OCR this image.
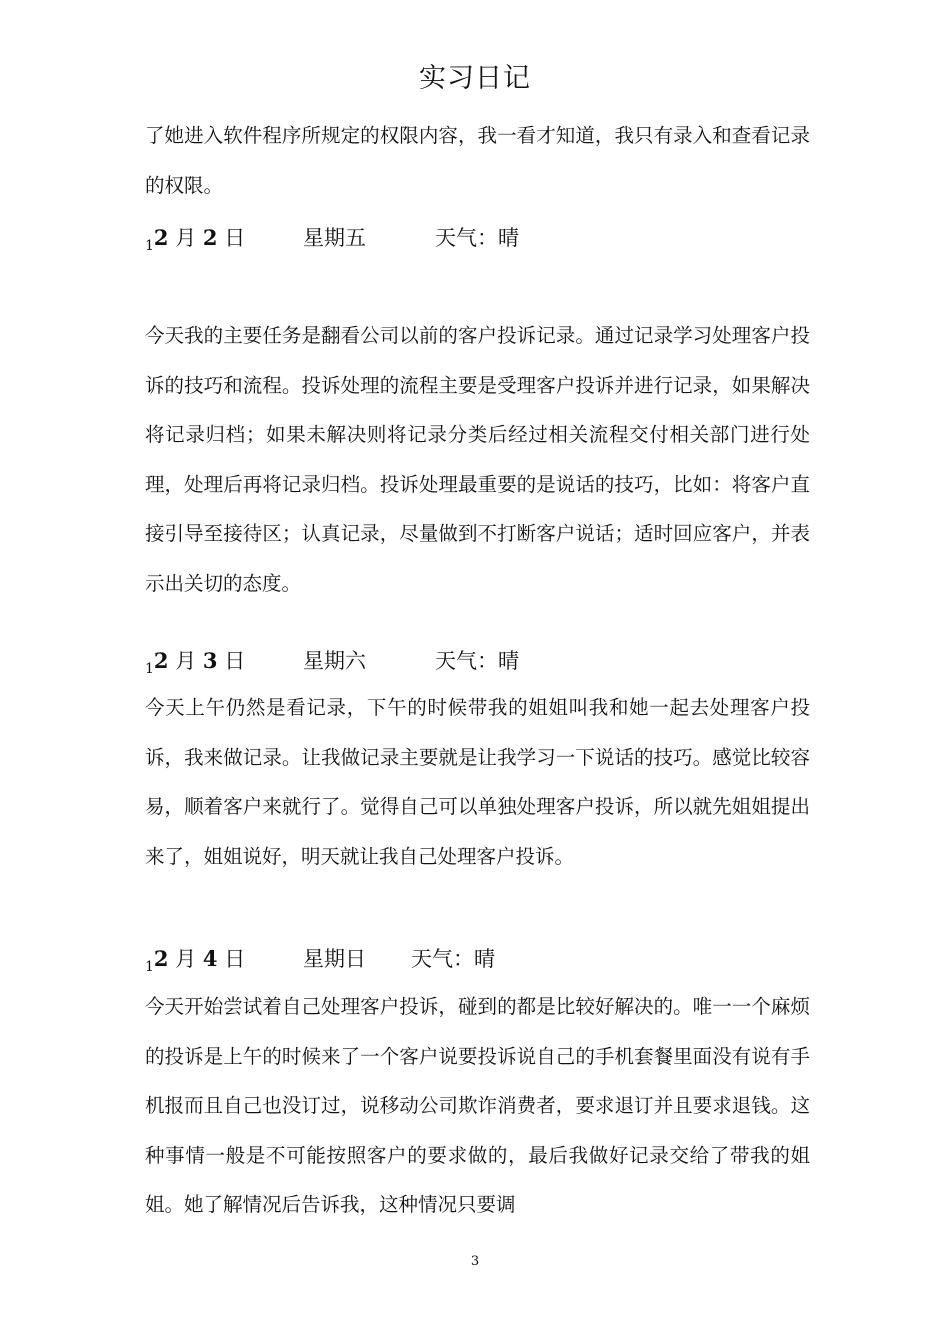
实习日记

了她进入软件程序所规定的权限内容，我一看才知道，我只有录入和查看记录的权限。

$_1$2 月 2 日	星期五	天气：晴

今天我的主要任务是翻看公司以前的客户投诉记录。通过记录学习处理客户投诉的技巧和流程。投诉处理的流程主要是受理客户投诉并进行记录，如果解决将记录归档；如果未解决则将记录分类后经过相关流程交付相关部门进行处理，处理后再将记录归档。投诉处理最重要的是说话的技巧，比如：将客户直接引导至接待区；认真记录，尽量做到不打断客户说话；适时回应客户，并表示出关切的态度。

$_1$2 月 3 日	星期六	天气：晴

今天上午仍然是看记录，下午的时候带我的姐姐叫我和她一起去处理客户投诉，我来做记录。让我做记录主要就是让我学习一下说话的技巧。感觉比较容易，顺着客户来就行了。觉得自己可以单独处理客户投诉，所以就先姐姐提出来了，姐姐说好，明天就让我自己处理客户投诉。

$_1$2 月 4 日	星期日 天气：晴

今天开始尝试着自己处理客户投诉，碰到的都是比较好解决的。唯一一个麻烦的投诉是上午的时候来了一个客户说要投诉说自己的手机套餐里面没有说有手机报而且自己也没订过，说移动公司欺诈消费者，要求退订并且要求退钱。这种事情一般是不可能按照客户的要求做的，最后我做好记录交给了带我的姐姐。她了解情况后告诉我，这种情况只要调

3
